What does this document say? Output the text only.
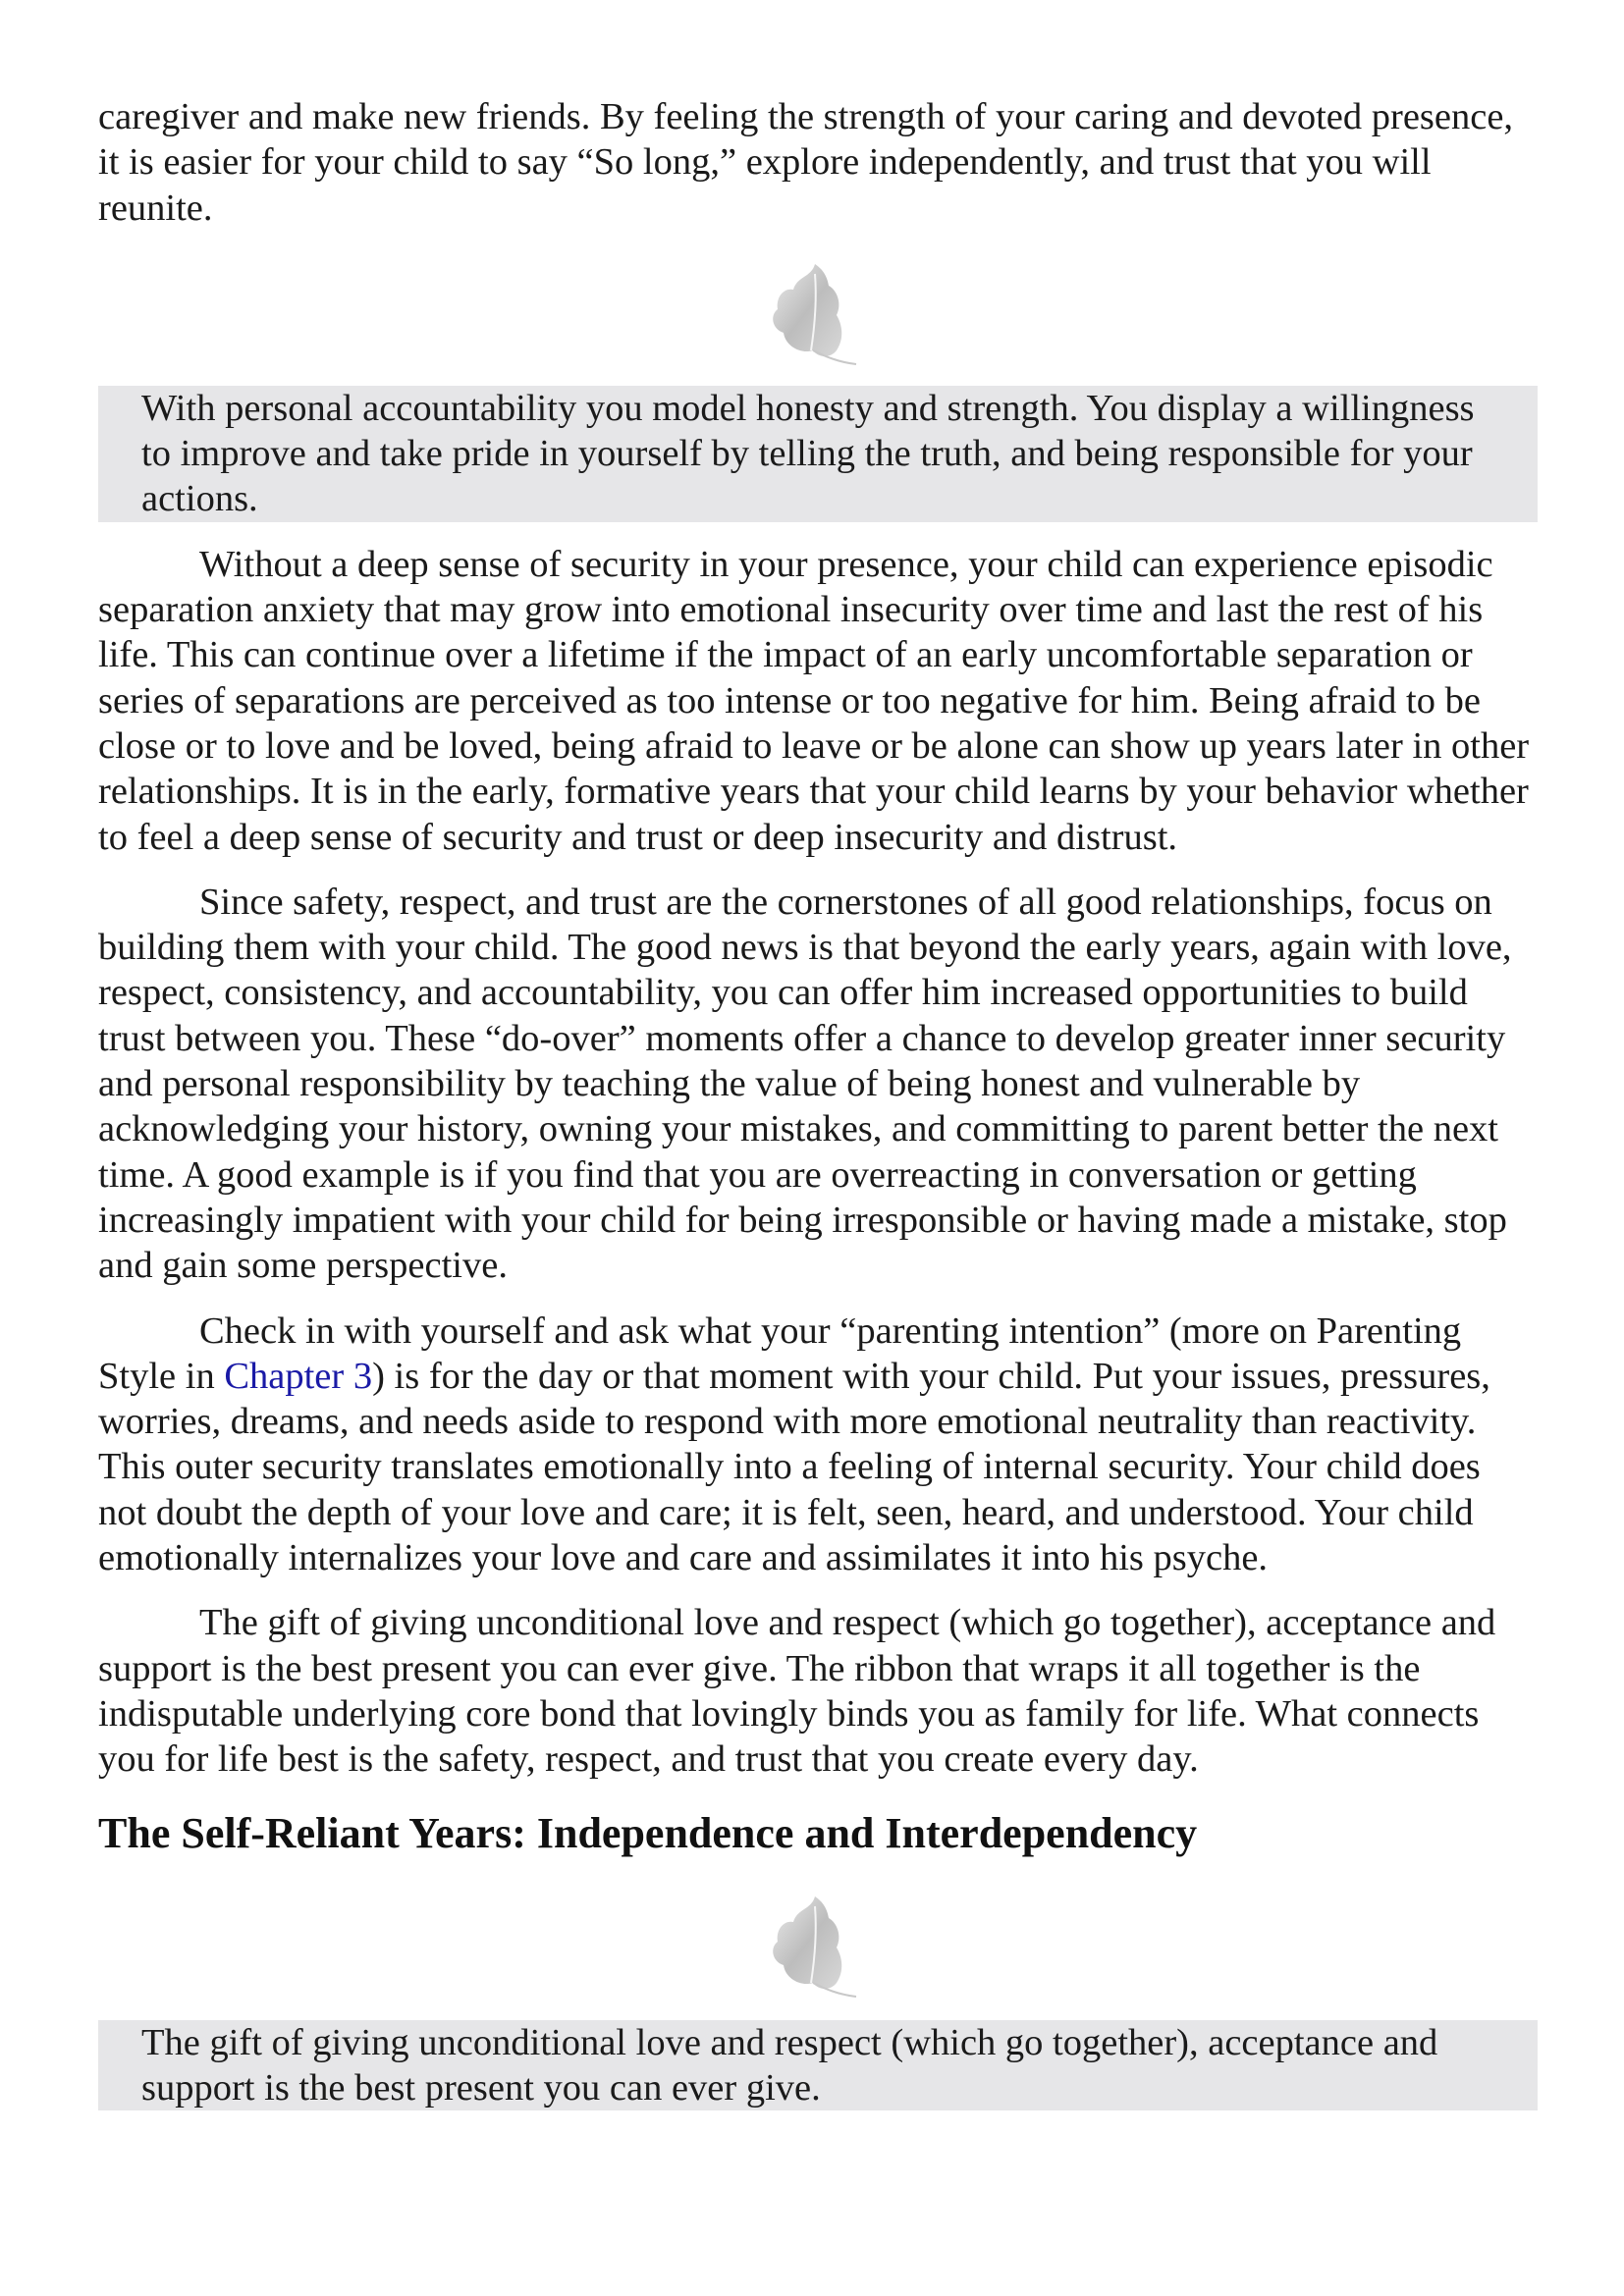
caregiver and make new friends. By feeling the strength of your caring and devoted presence, it is easier for your child to say “So long,” explore independently, and trust that you will reunite.

With personal accountability you model honesty and strength. You display a willingness to improve and take pride in yourself by telling the truth, and being responsible for your actions.

Without a deep sense of security in your presence, your child can experience episodic separation anxiety that may grow into emotional insecurity over time and last the rest of his life. This can continue over a lifetime if the impact of an early uncomfortable separation or series of separations are perceived as too intense or too negative for him. Being afraid to be close or to love and be loved, being afraid to leave or be alone can show up years later in other relationships. It is in the early, formative years that your child learns by your behavior whether to feel a deep sense of security and trust or deep insecurity and distrust.

Since safety, respect, and trust are the cornerstones of all good relationships, focus on building them with your child. The good news is that beyond the early years, again with love, respect, consistency, and accountability, you can offer him increased opportunities to build trust between you. These “do-over” moments offer a chance to develop greater inner security and personal responsibility by teaching the value of being honest and vulnerable by acknowledging your history, owning your mistakes, and committing to parent better the next time. A good example is if you find that you are overreacting in conversation or getting increasingly impatient with your child for being irresponsible or having made a mistake, stop and gain some perspective.

Check in with yourself and ask what your “parenting intention” (more on Parenting Style in Chapter 3) is for the day or that moment with your child. Put your issues, pressures, worries, dreams, and needs aside to respond with more emotional neutrality than reactivity. This outer security translates emotionally into a feeling of internal security. Your child does not doubt the depth of your love and care; it is felt, seen, heard, and understood. Your child emotionally internalizes your love and care and assimilates it into his psyche.

The gift of giving unconditional love and respect (which go together), acceptance and support is the best present you can ever give. The ribbon that wraps it all together is the indisputable underlying core bond that lovingly binds you as family for life. What connects you for life best is the safety, respect, and trust that you create every day.

The Self-Reliant Years: Independence and Interdependency

The gift of giving unconditional love and respect (which go together), acceptance and support is the best present you can ever give.
